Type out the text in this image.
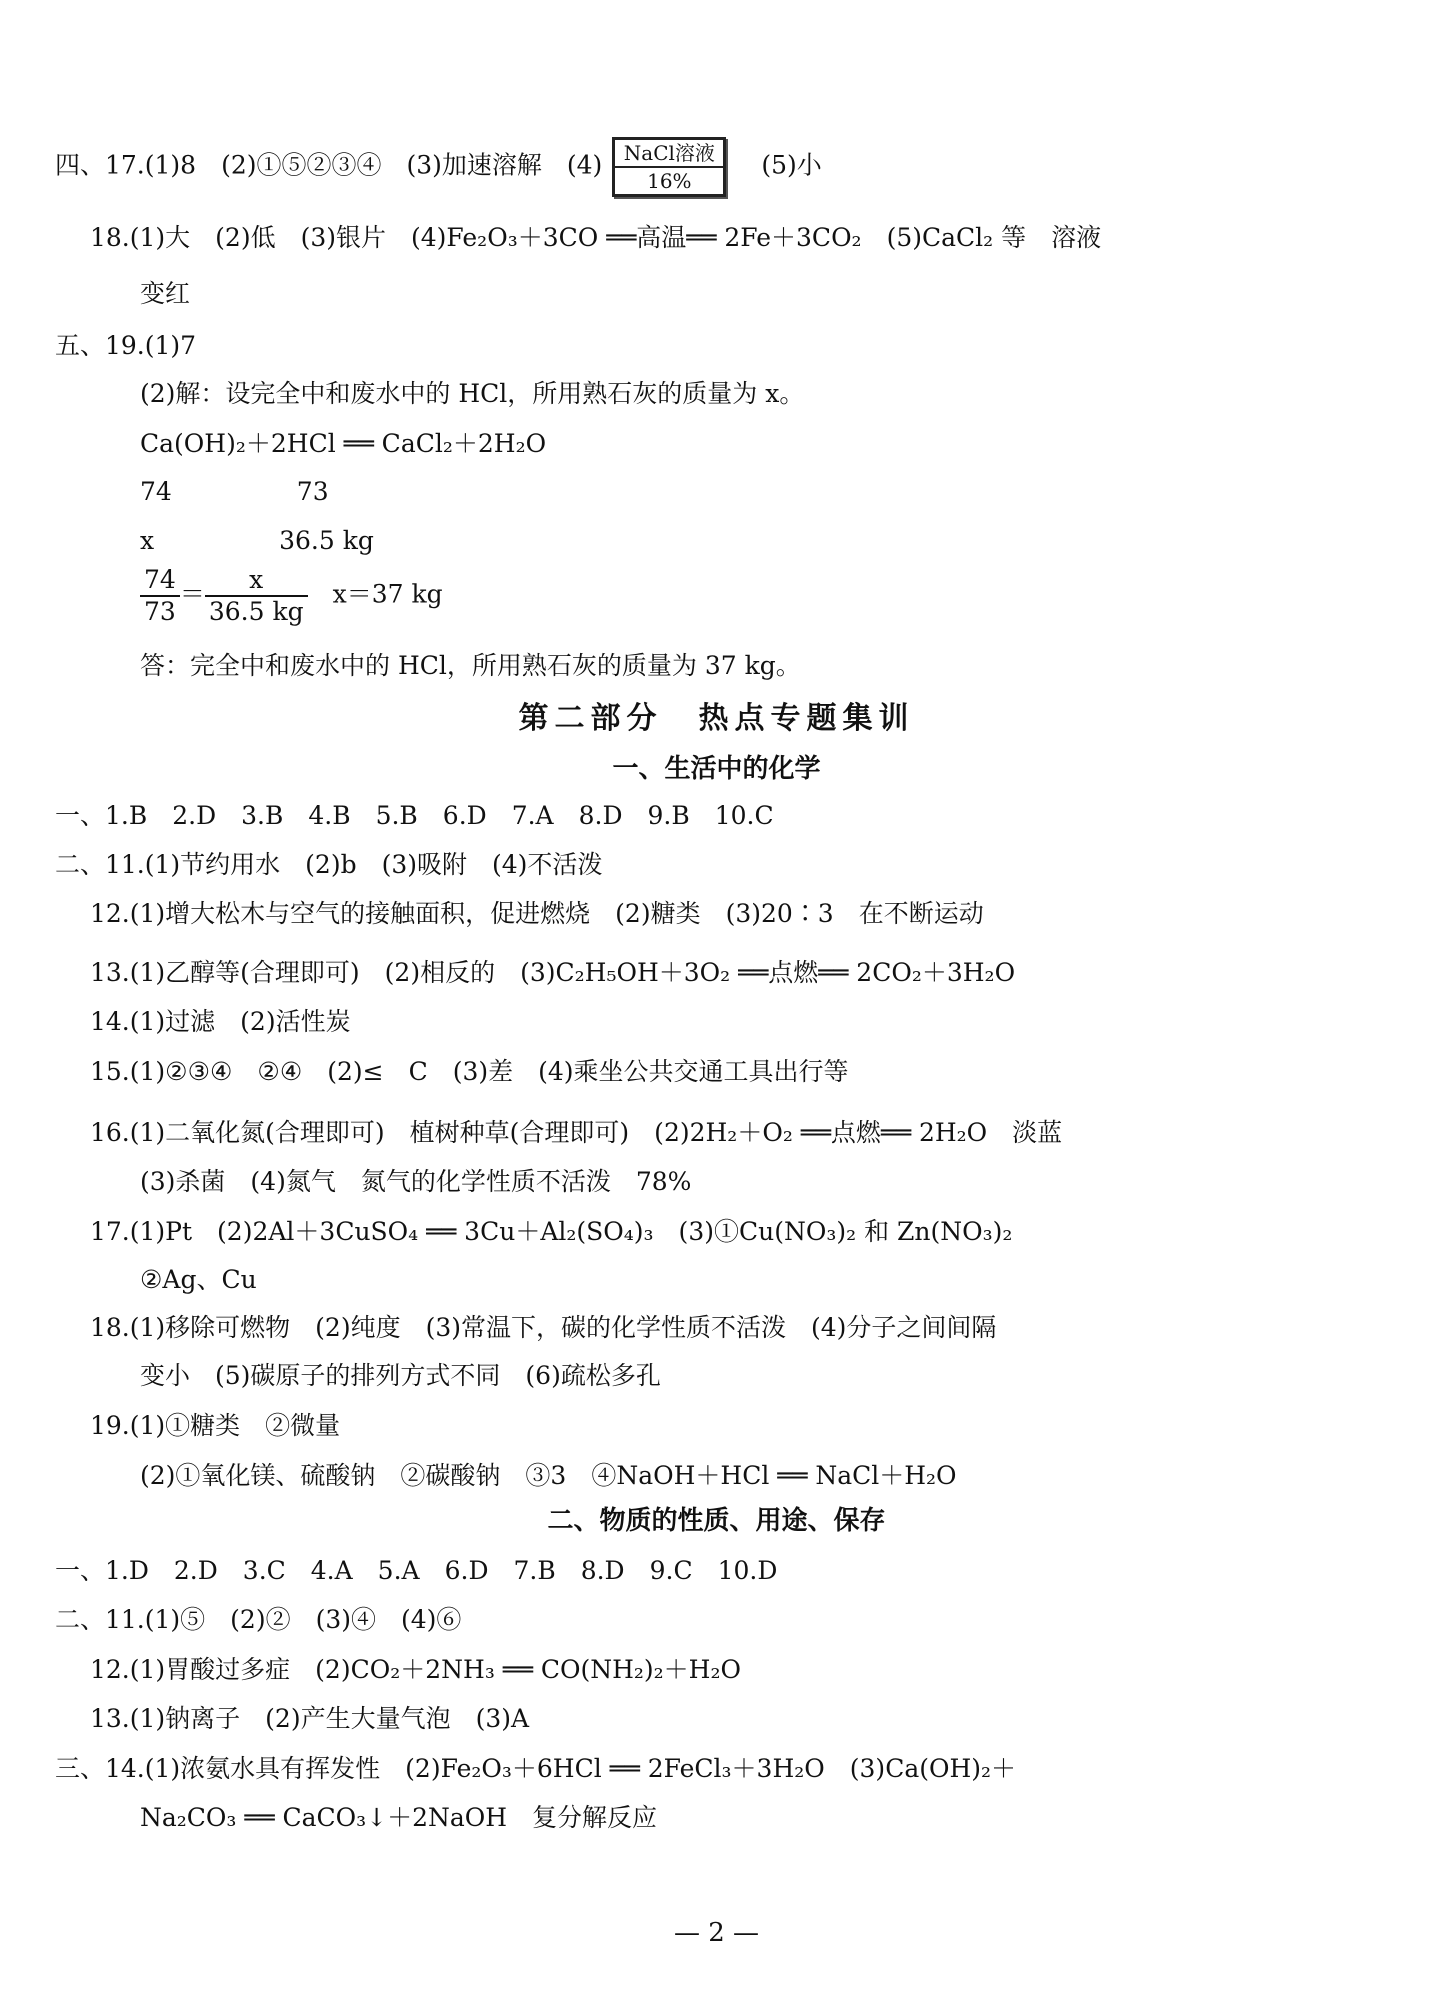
四、17.(1)8　(2)①⑤②③④　(3)加速溶解　(4)	NaCl溶液
16%
　(5)小
18.(1)大　(2)低　(3)银片　(4)Fe₂O₃＋3CO ══高温══ 2Fe＋3CO₂　(5)CaCl₂ 等　溶液
变红
五、19.(1)7
(2)解：设完全中和废水中的 HCl，所用熟石灰的质量为 x。
Ca(OH)₂＋2HCl ══ CaCl₂＋2H₂O
74　　　　　73
x　　　　　36.5 kg
$\frac{74}{73} = \frac{x}{36.5 kg}$ 　x＝37 kg
答：完全中和废水中的 HCl，所用熟石灰的质量为 37 kg。
第二部分　热点专题集训
一、生活中的化学
一、1.B　2.D　3.B　4.B　5.B　6.D　7.A　8.D　9.B　10.C
二、11.(1)节约用水　(2)b　(3)吸附　(4)不活泼
12.(1)增大松木与空气的接触面积，促进燃烧　(2)糖类　(3)20∶3　在不断运动
13.(1)乙醇等(合理即可)　(2)相反的　(3)C₂H₅OH＋3O₂ ══点燃══ 2CO₂＋3H₂O
14.(1)过滤　(2)活性炭
15.(1)②③④　②④　(2)≤　C　(3)差　(4)乘坐公共交通工具出行等
16.(1)二氧化氮(合理即可)　植树种草(合理即可)　(2)2H₂＋O₂ ══点燃══ 2H₂O　淡蓝
(3)杀菌　(4)氮气　氮气的化学性质不活泼　78%
17.(1)Pt　(2)2Al＋3CuSO₄ ══ 3Cu＋Al₂(SO₄)₃　(3)①Cu(NO₃)₂ 和 Zn(NO₃)₂
②Ag、Cu
18.(1)移除可燃物　(2)纯度　(3)常温下，碳的化学性质不活泼　(4)分子之间间隔
变小　(5)碳原子的排列方式不同　(6)疏松多孔
19.(1)①糖类　②微量
(2)①氧化镁、硫酸钠　②碳酸钠　③3　④NaOH＋HCl ══ NaCl＋H₂O
二、物质的性质、用途、保存
一、1.D　2.D　3.C　4.A　5.A　6.D　7.B　8.D　9.C　10.D
二、11.(1)⑤　(2)②　(3)④　(4)⑥
12.(1)胃酸过多症　(2)CO₂＋2NH₃ ══ CO(NH₂)₂＋H₂O
13.(1)钠离子　(2)产生大量气泡　(3)A
三、14.(1)浓氨水具有挥发性　(2)Fe₂O₃＋6HCl ══ 2FeCl₃＋3H₂O　(3)Ca(OH)₂＋
Na₂CO₃ ══ CaCO₃↓＋2NaOH　复分解反应
— 2 —
